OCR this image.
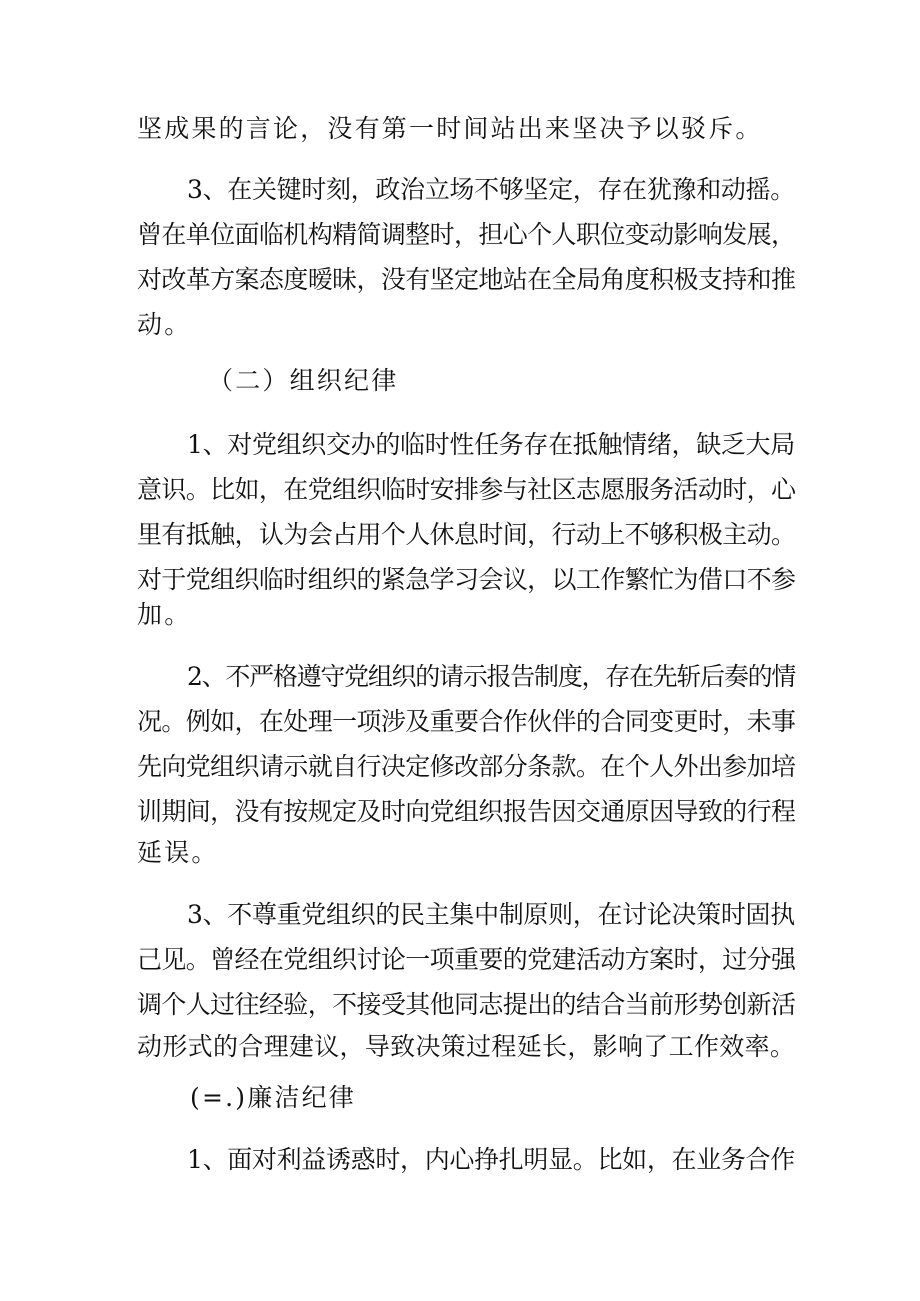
坚成果的言论，没有第一时间站出来坚决予以驳斥。
3、在关键时刻，政治立场不够坚定，存在犹豫和动摇。
曾在单位面临机构精简调整时，担心个人职位变动影响发展，
对改革方案态度暧昧，没有坚定地站在全局角度积极支持和推
动。
（二）组织纪律
1、对党组织交办的临时性任务存在抵触情绪，缺乏大局
意识。比如，在党组织临时安排参与社区志愿服务活动时，心
里有抵触，认为会占用个人休息时间，行动上不够积极主动。
对于党组织临时组织的紧急学习会议，以工作繁忙为借口不参
加。
2、不严格遵守党组织的请示报告制度，存在先斩后奏的情
况。例如，在处理一项涉及重要合作伙伴的合同变更时，未事
先向党组织请示就自行决定修改部分条款。在个人外出参加培
训期间，没有按规定及时向党组织报告因交通原因导致的行程
延误。
3、不尊重党组织的民主集中制原则，在讨论决策时固执
己见。曾经在党组织讨论一项重要的党建活动方案时，过分强
调个人过往经验，不接受其他同志提出的结合当前形势创新活
动形式的合理建议，导致决策过程延长，影响了工作效率。
(=.)廉洁纪律
1、面对利益诱惑时，内心挣扎明显。比如，在业务合作
